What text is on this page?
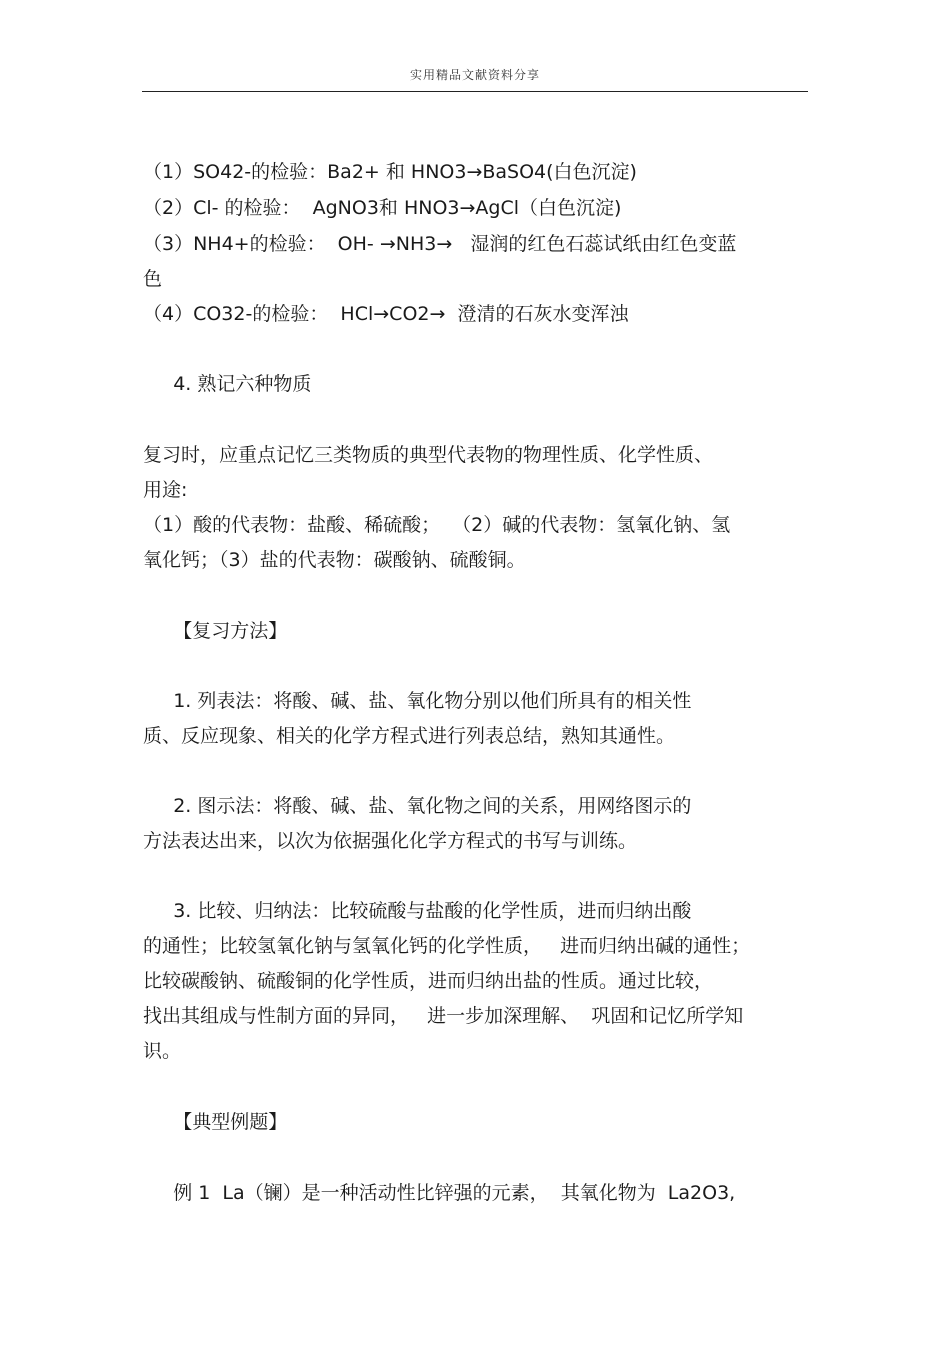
实用精品文献资料分享
（1）SO42-的检验：Ba2+ 和 HNO3→BaSO4(白色沉淀)
（2）Cl- 的检验：  AgNO3和 HNO3→AgCl（白色沉淀)
（3）NH4+的检验：  OH- →NH3→   湿润的红色石蕊试纸由红色变蓝
色
（4）CO32-的检验：  HCl→CO2→  澄清的石灰水变浑浊
4. 熟记六种物质
复习时，应重点记忆三类物质的典型代表物的物理性质、化学性质、
用途:
（1）酸的代表物：盐酸、稀硫酸；  （2）碱的代表物：氢氧化钠、氢
氧化钙；（3）盐的代表物：碳酸钠、硫酸铜。
【复习方法】
1. 列表法：将酸、碱、盐、氧化物分别以他们所具有的相关性
质、反应现象、相关的化学方程式进行列表总结，熟知其通性。
2. 图示法：将酸、碱、盐、氧化物之间的关系，用网络图示的
方法表达出来，以次为依据强化化学方程式的书写与训练。
3. 比较、归纳法：比较硫酸与盐酸的化学性质，进而归纳出酸
的通性；比较氢氧化钠与氢氧化钙的化学性质，   进而归纳出碱的通性；
比较碳酸钠、硫酸铜的化学性质，进而归纳出盐的性质。通过比较，
找出其组成与性制方面的异同，   进一步加深理解、  巩固和记忆所学知
识。
【典型例题】
例 1  La（镧）是一种活动性比锌强的元素，  其氧化物为  La2O3,
